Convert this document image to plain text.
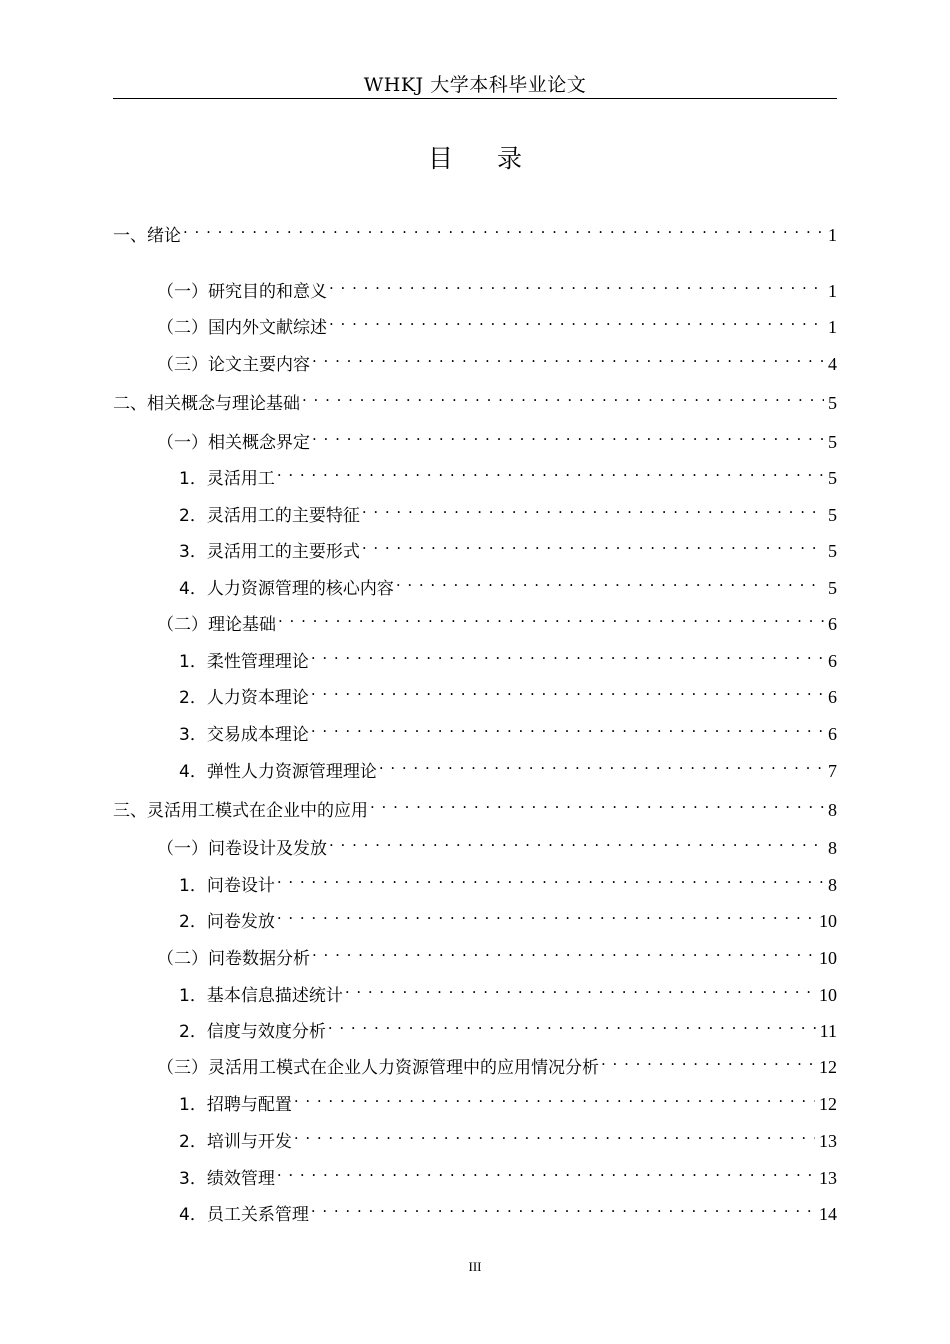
WHKJ 大学本科毕业论文
目录
一、绪论 . . .	1
（一）研究目的和意义 . . .	1
（二）国内外文献综述 . . .	1
（三）论文主要内容 . . .	4
二、相关概念与理论基础 . . .	5
（一）相关概念界定 . . .	5
1．灵活用工 . . .	5
2．灵活用工的主要特征 . . .	5
3．灵活用工的主要形式 . . .	5
4．人力资源管理的核心内容 . . .	5
（二）理论基础 . . .	6
1．柔性管理理论 . . .	6
2．人力资本理论 . . .	6
3．交易成本理论 . . .	6
4．弹性人力资源管理理论 . . .	7
三、灵活用工模式在企业中的应用 . . .	8
（一）问卷设计及发放 . . .	8
1．问卷设计 . . .	8
2．问卷发放 . . .	10
（二）问卷数据分析 . . .	10
1．基本信息描述统计 . . .	10
2．信度与效度分析 . . .	11
（三）灵活用工模式在企业人力资源管理中的应用情况分析 . . .	12
1．招聘与配置 . . .	12
2．培训与开发 . . .	13
3．绩效管理 . . .	13
4．员工关系管理 . . .	14
III
